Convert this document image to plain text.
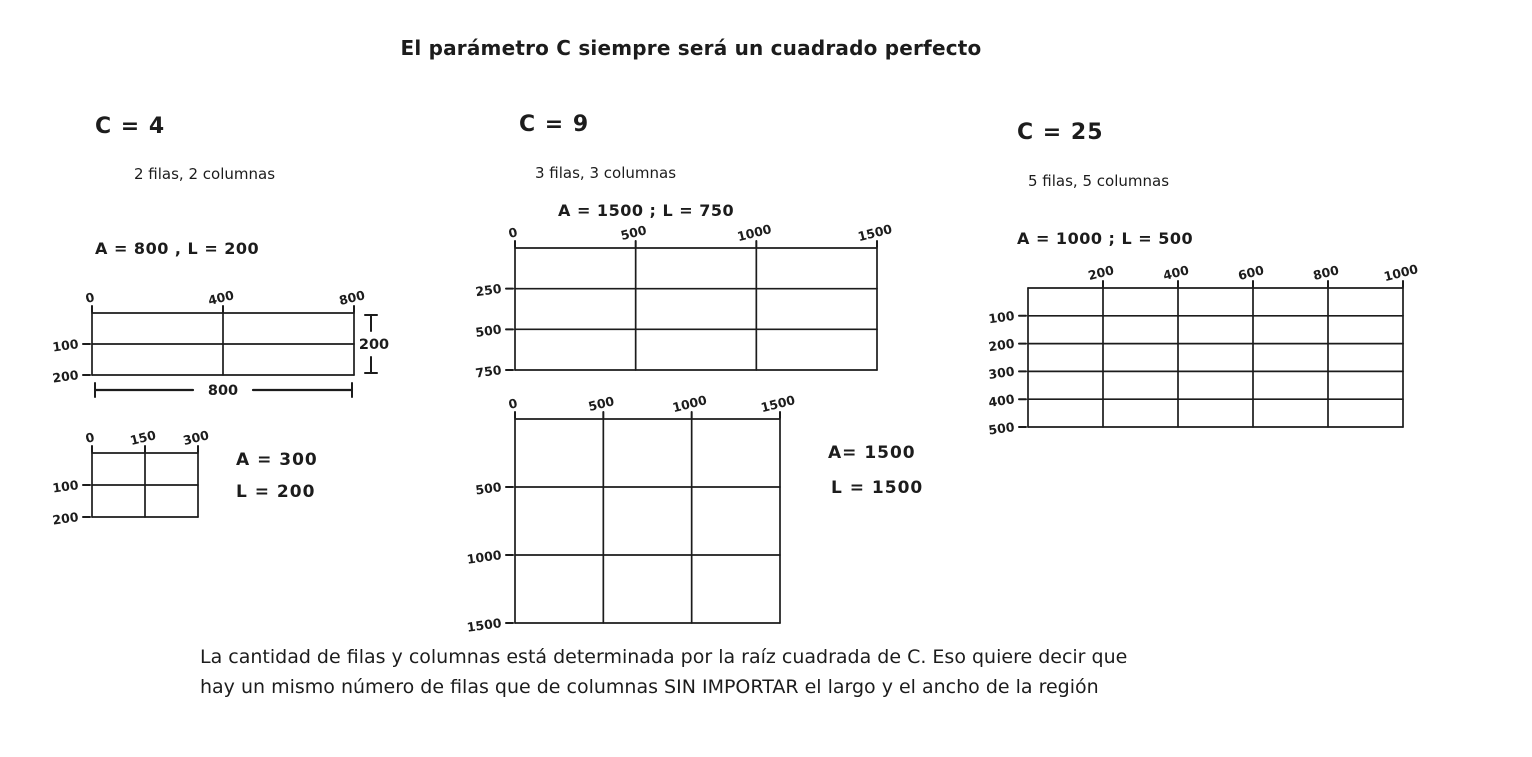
El parámetro C siempre será un cuadrado perfecto
C = 4
2 filas, 2 columnas
A = 800 , L = 200
C = 9
3 filas, 3 columnas
A = 1500 ; L = 750
C = 25
5 filas, 5 columnas
A = 1000 ; L = 500
0	400	800
100
200
800
200
0	150 300
100
200
0	500	1000	1500
250
500
750
0	500	1000	1500
500
1000
1500
200	400	600	800	1000
100
200
300
400
500
A = 300
L = 200
A= 1500
L = 1500
La cantidad de filas y columnas está determinada por la raíz cuadrada de C. Eso quiere decir que
hay un mismo número de filas que de columnas SIN IMPORTAR el largo y el ancho de la región
